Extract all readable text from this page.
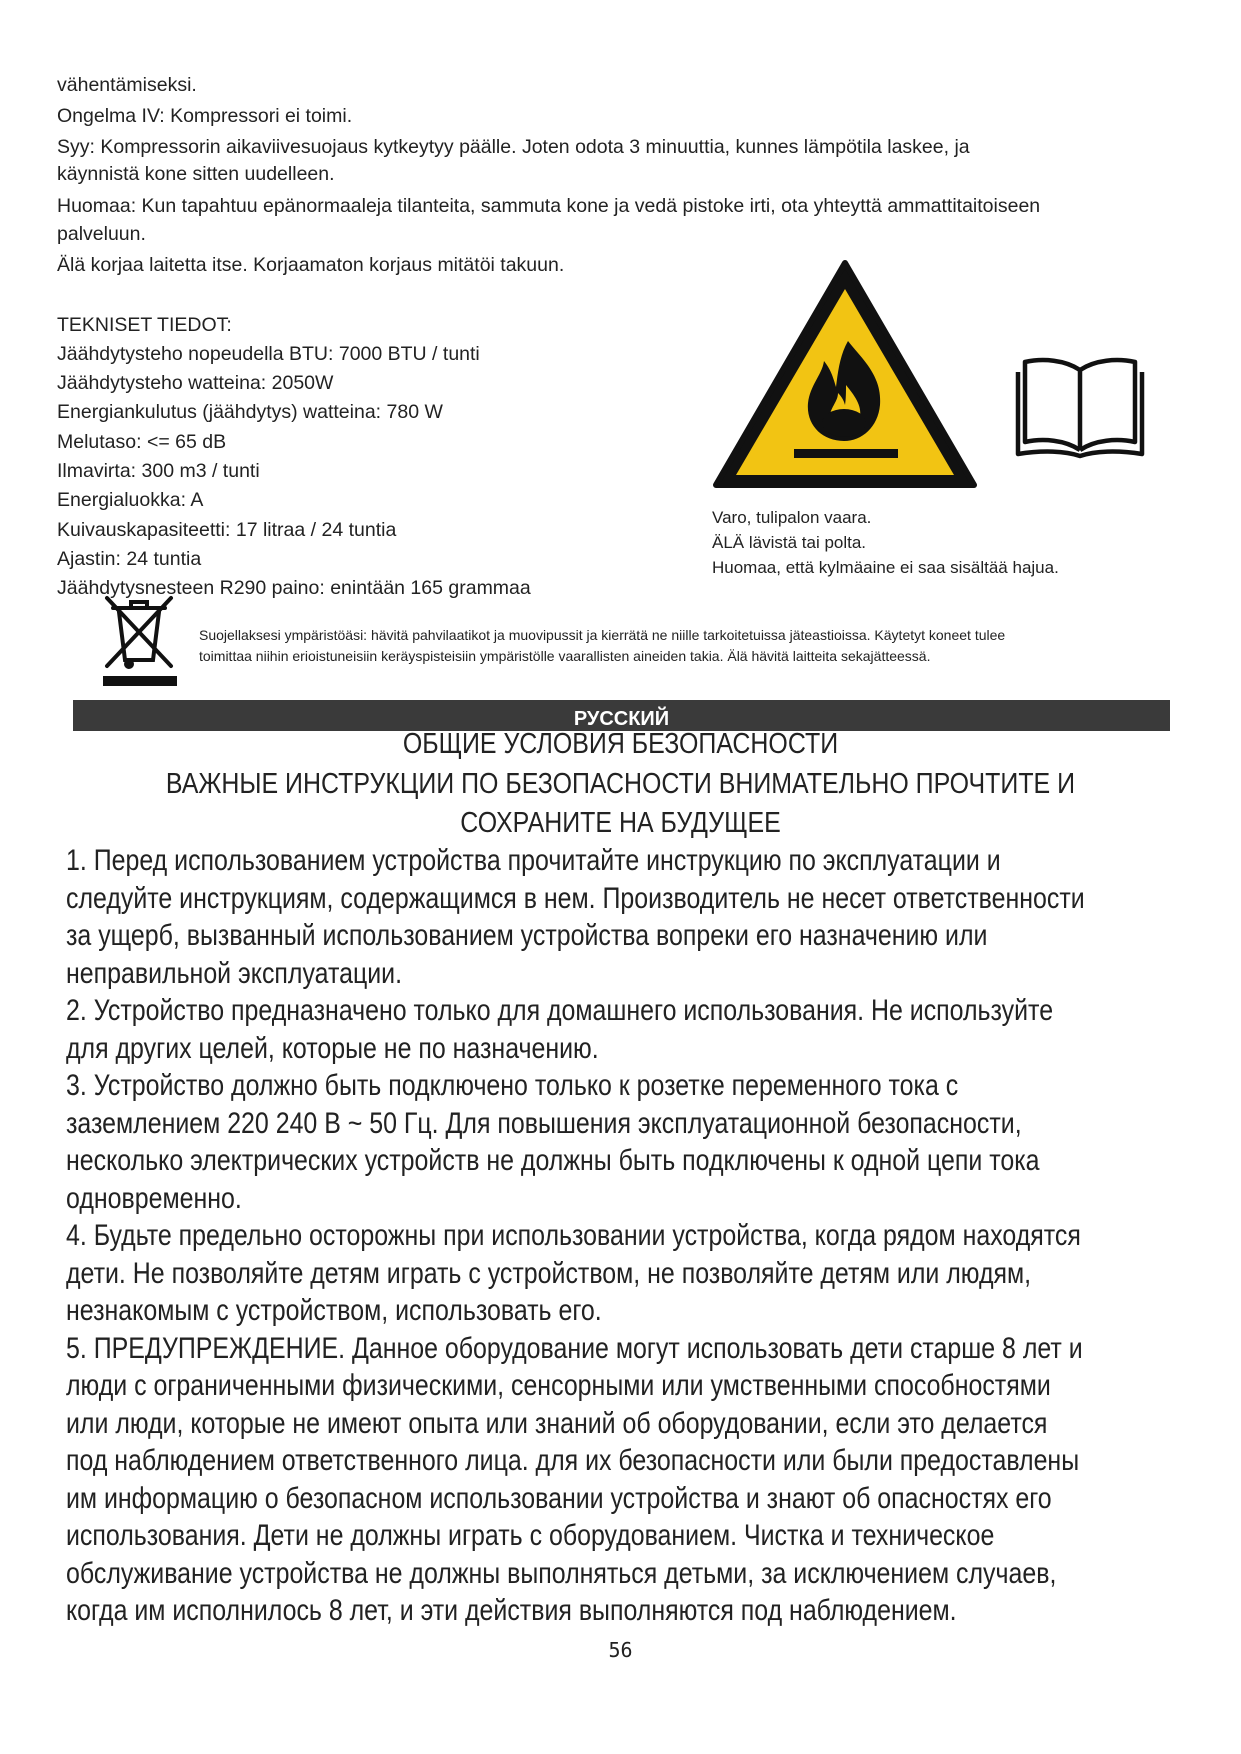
vähentämiseksi.
Ongelma IV: Kompressori ei toimi.
Syy: Kompressorin aikaviivesuojaus kytkeytyy päälle. Joten odota 3 minuuttia, kunnes lämpötila laskee, ja
käynnistä kone sitten uudelleen.
Huomaa: Kun tapahtuu epänormaaleja tilanteita, sammuta kone ja vedä pistoke irti, ota yhteyttä ammattitaitoiseen
palveluun.
Älä korjaa laitetta itse. Korjaamaton korjaus mitätöi takuun.
TEKNISET TIEDOT:
Jäähdytysteho nopeudella BTU: 7000 BTU / tunti
Jäähdytysteho watteina: 2050W
Energiankulutus (jäähdytys) watteina: 780 W
Melutaso: <= 65 dB
Ilmavirta: 300 m3 / tunti
Energialuokka: A
Kuivauskapasiteetti: 17 litraa / 24 tuntia
Ajastin: 24 tuntia
Jäähdytysnesteen R290 paino: enintään 165 grammaa
Varo, tulipalon vaara.
ÄLÄ lävistä tai polta.
Huomaa, että kylmäaine ei saa sisältää hajua.
Suojellaksesi ympäristöäsi: hävitä pahvilaatikot ja muovipussit ja kierrätä ne niille tarkoitetuissa jäteastioissa. Käytetyt koneet tulee
toimittaa niihin erioistuneisiin keräyspisteisiin ympäristölle vaarallisten aineiden takia. Älä hävitä laitteita sekajätteessä.
РУССКИЙ
ОБЩИЕ УСЛОВИЯ БЕЗОПАСНОСТИ
ВАЖНЫЕ ИНСТРУКЦИИ ПО БЕЗОПАСНОСТИ ВНИМАТЕЛЬНО ПРОЧТИТЕ И
СОХРАНИТЕ НА БУДУЩЕЕ
1. Перед использованием устройства прочитайте инструкцию по эксплуатации и
следуйте инструкциям, содержащимся в нем. Производитель не несет ответственности
за ущерб, вызванный использованием устройства вопреки его назначению или
неправильной эксплуатации.
2. Устройство предназначено только для домашнего использования. Не используйте
для других целей, которые не по назначению.
3. Устройство должно быть подключено только к розетке переменного тока с
заземлением 220 240 В ~ 50 Гц. Для повышения эксплуатационной безопасности,
несколько электрических устройств не должны быть подключены к одной цепи тока
одновременно.
4. Будьте предельно осторожны при использовании устройства, когда рядом находятся
дети. Не позволяйте детям играть с устройством, не позволяйте детям или людям,
незнакомым с устройством, использовать его.
5. ПРЕДУПРЕЖДЕНИЕ. Данное оборудование могут использовать дети старше 8 лет и
люди с ограниченными физическими, сенсорными или умственными способностями
или люди, которые не имеют опыта или знаний об оборудовании, если это делается
под наблюдением ответственного лица. для их безопасности или были предоставлены
им информацию о безопасном использовании устройства и знают об опасностях его
использования. Дети не должны играть с оборудованием. Чистка и техническое
обслуживание устройства не должны выполняться детьми, за исключением случаев,
когда им исполнилось 8 лет, и эти действия выполняются под наблюдением.
56
